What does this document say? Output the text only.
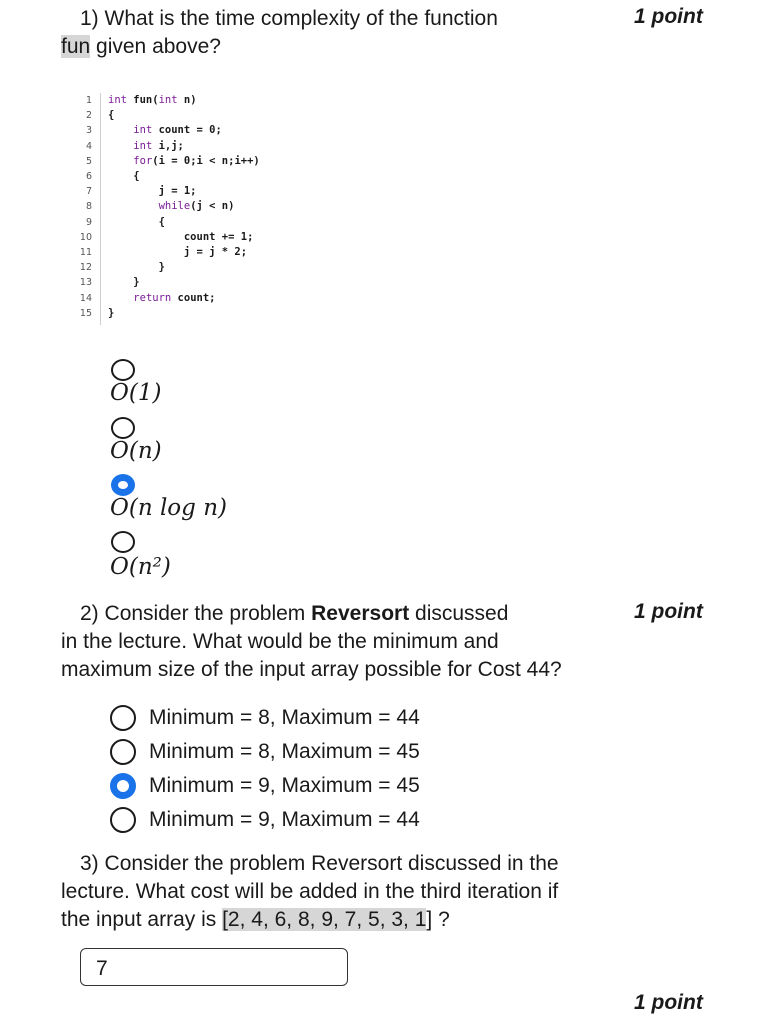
1) What is the time complexity of the function
fun given above?
1 point
1 int fun(int n)
2 {
3	int count = 0;
4	int i,j;
5	for(i = 0;i < n;i++)
6 {
7 j = 1;
8	while(j < n)
9 {
10 count += 1;
11 j = j * 2;
12 }
13 }
14	return count;
15 }
O(1)
O(n)
O(n log n)
O(n²)
2) Consider the problem Reversort discussed
in the lecture. What would be the minimum and
maximum size of the input array possible for Cost 44?
1 point
Minimum = 8, Maximum = 44
Minimum = 8, Maximum = 45
Minimum = 9, Maximum = 45
Minimum = 9, Maximum = 44
3) Consider the problem Reversort discussed in the
lecture. What cost will be added in the third iteration if
the input array is [2, 4, 6, 8, 9, 7, 5, 3, 1] ?
7
1 point
